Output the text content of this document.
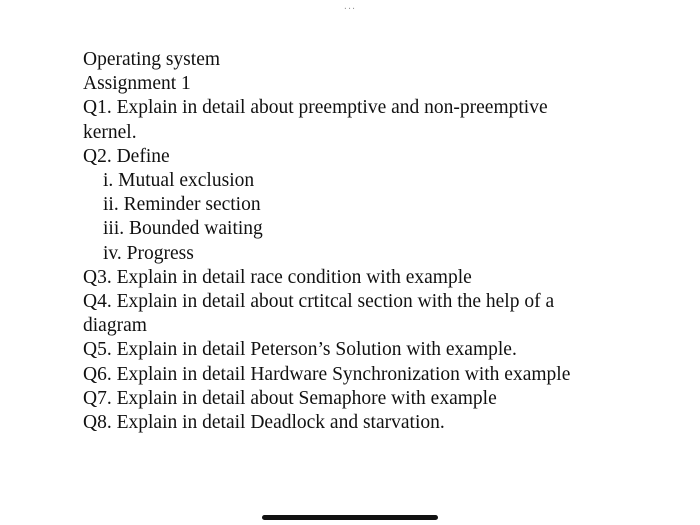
...
Operating system
Assignment 1
Q1. Explain in detail about preemptive and non-preemptive kernel.
Q2. Define
i. Mutual exclusion
ii. Reminder section
iii. Bounded waiting
iv. Progress
Q3. Explain in detail race condition with example
Q4. Explain in detail about crtitcal section with the help of a diagram
Q5. Explain in detail Peterson’s Solution with example.
Q6. Explain in detail Hardware Synchronization with example
Q7. Explain in detail about Semaphore with example
Q8. Explain in detail Deadlock and starvation.
